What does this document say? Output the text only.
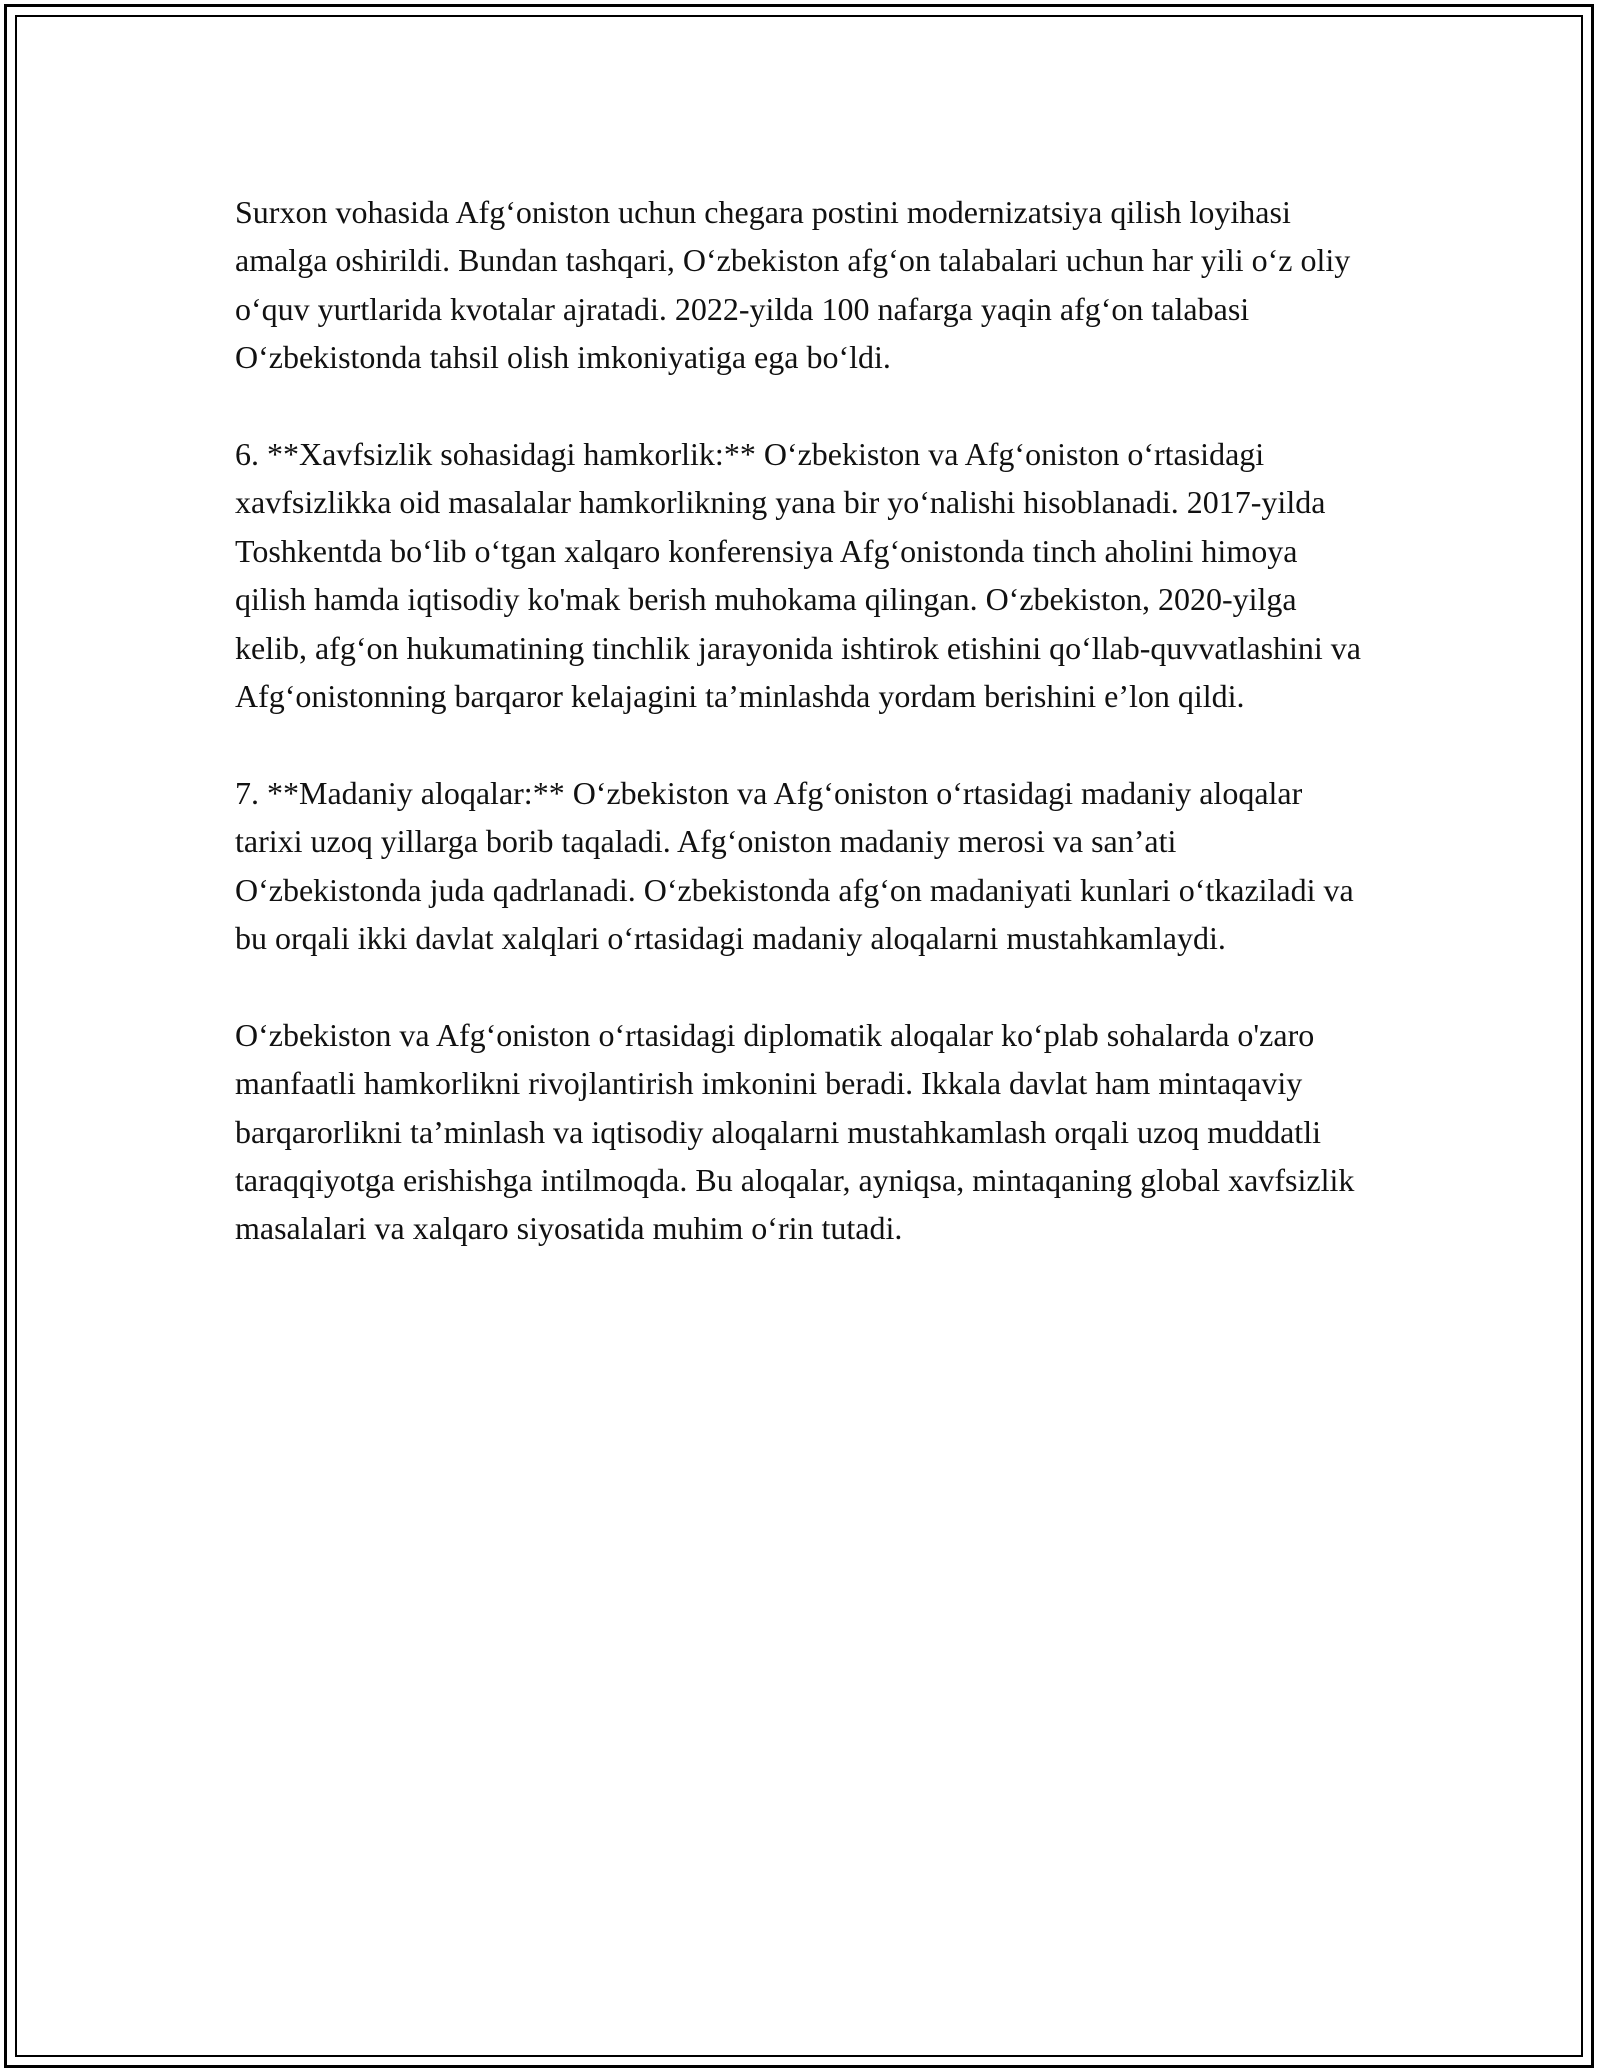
Surxon vohasida Afg‘oniston uchun chegara postini modernizatsiya qilish loyihasi amalga oshirildi. Bundan tashqari, O‘zbekiston afg‘on talabalari uchun har yili o‘z oliy o‘quv yurtlarida kvotalar ajratadi. 2022-yilda 100 nafarga yaqin afg‘on talabasi O‘zbekistonda tahsil olish imkoniyatiga ega bo‘ldi.

6. **Xavfsizlik sohasidagi hamkorlik:** O‘zbekiston va Afg‘oniston o‘rtasidagi xavfsizlikka oid masalalar hamkorlikning yana bir yo‘nalishi hisoblanadi. 2017-yilda Toshkentda bo‘lib o‘tgan xalqaro konferensiya Afg‘onistonda tinch aholini himoya qilish hamda iqtisodiy ko'mak berish muhokama qilingan. O‘zbekiston, 2020-yilga kelib, afg‘on hukumatining tinchlik jarayonida ishtirok etishini qo‘llab-quvvatlashini va Afg‘onistonning barqaror kelajagini ta’minlashda yordam berishini e’lon qildi.

7. **Madaniy aloqalar:** O‘zbekiston va Afg‘oniston o‘rtasidagi madaniy aloqalar tarixi uzoq yillarga borib taqaladi. Afg‘oniston madaniy merosi va san’ati O‘zbekistonda juda qadrlanadi. O‘zbekistonda afg‘on madaniyati kunlari o‘tkaziladi va bu orqali ikki davlat xalqlari o‘rtasidagi madaniy aloqalarni mustahkamlaydi.

O‘zbekiston va Afg‘oniston o‘rtasidagi diplomatik aloqalar ko‘plab sohalarda o'zaro manfaatli hamkorlikni rivojlantirish imkonini beradi. Ikkala davlat ham mintaqaviy barqarorlikni ta’minlash va iqtisodiy aloqalarni mustahkamlash orqali uzoq muddatli taraqqiyotga erishishga intilmoqda. Bu aloqalar, ayniqsa, mintaqaning global xavfsizlik masalalari va xalqaro siyosatida muhim o‘rin tutadi.
